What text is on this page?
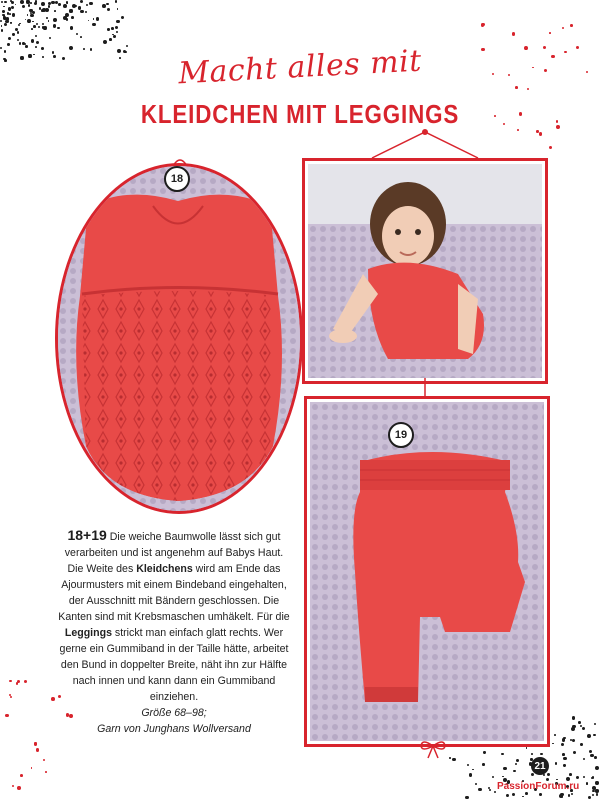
Macht alles mit
KLEIDCHEN MIT LEGGINGS
18
19
18+19 Die weiche Baumwolle lässt sich gut verarbeiten und ist angenehm auf Babys Haut. Die Weite des Kleidchens wird am Ende das Ajourmusters mit einem Bindeband eingehalten, der Ausschnitt mit Bändern geschlossen. Die Kanten sind mit Krebsmaschen umhäkelt. Für die Leggings strickt man einfach glatt rechts. Wer gerne ein Gummiband in der Taille hätte, arbeitet den Bund in doppelter Breite, näht ihn zur Hälfte nach innen und kann dann ein Gummiband einziehen.
Größe 68–98;
Garn von Junghans Wollversand
21
PassionForum.ru
